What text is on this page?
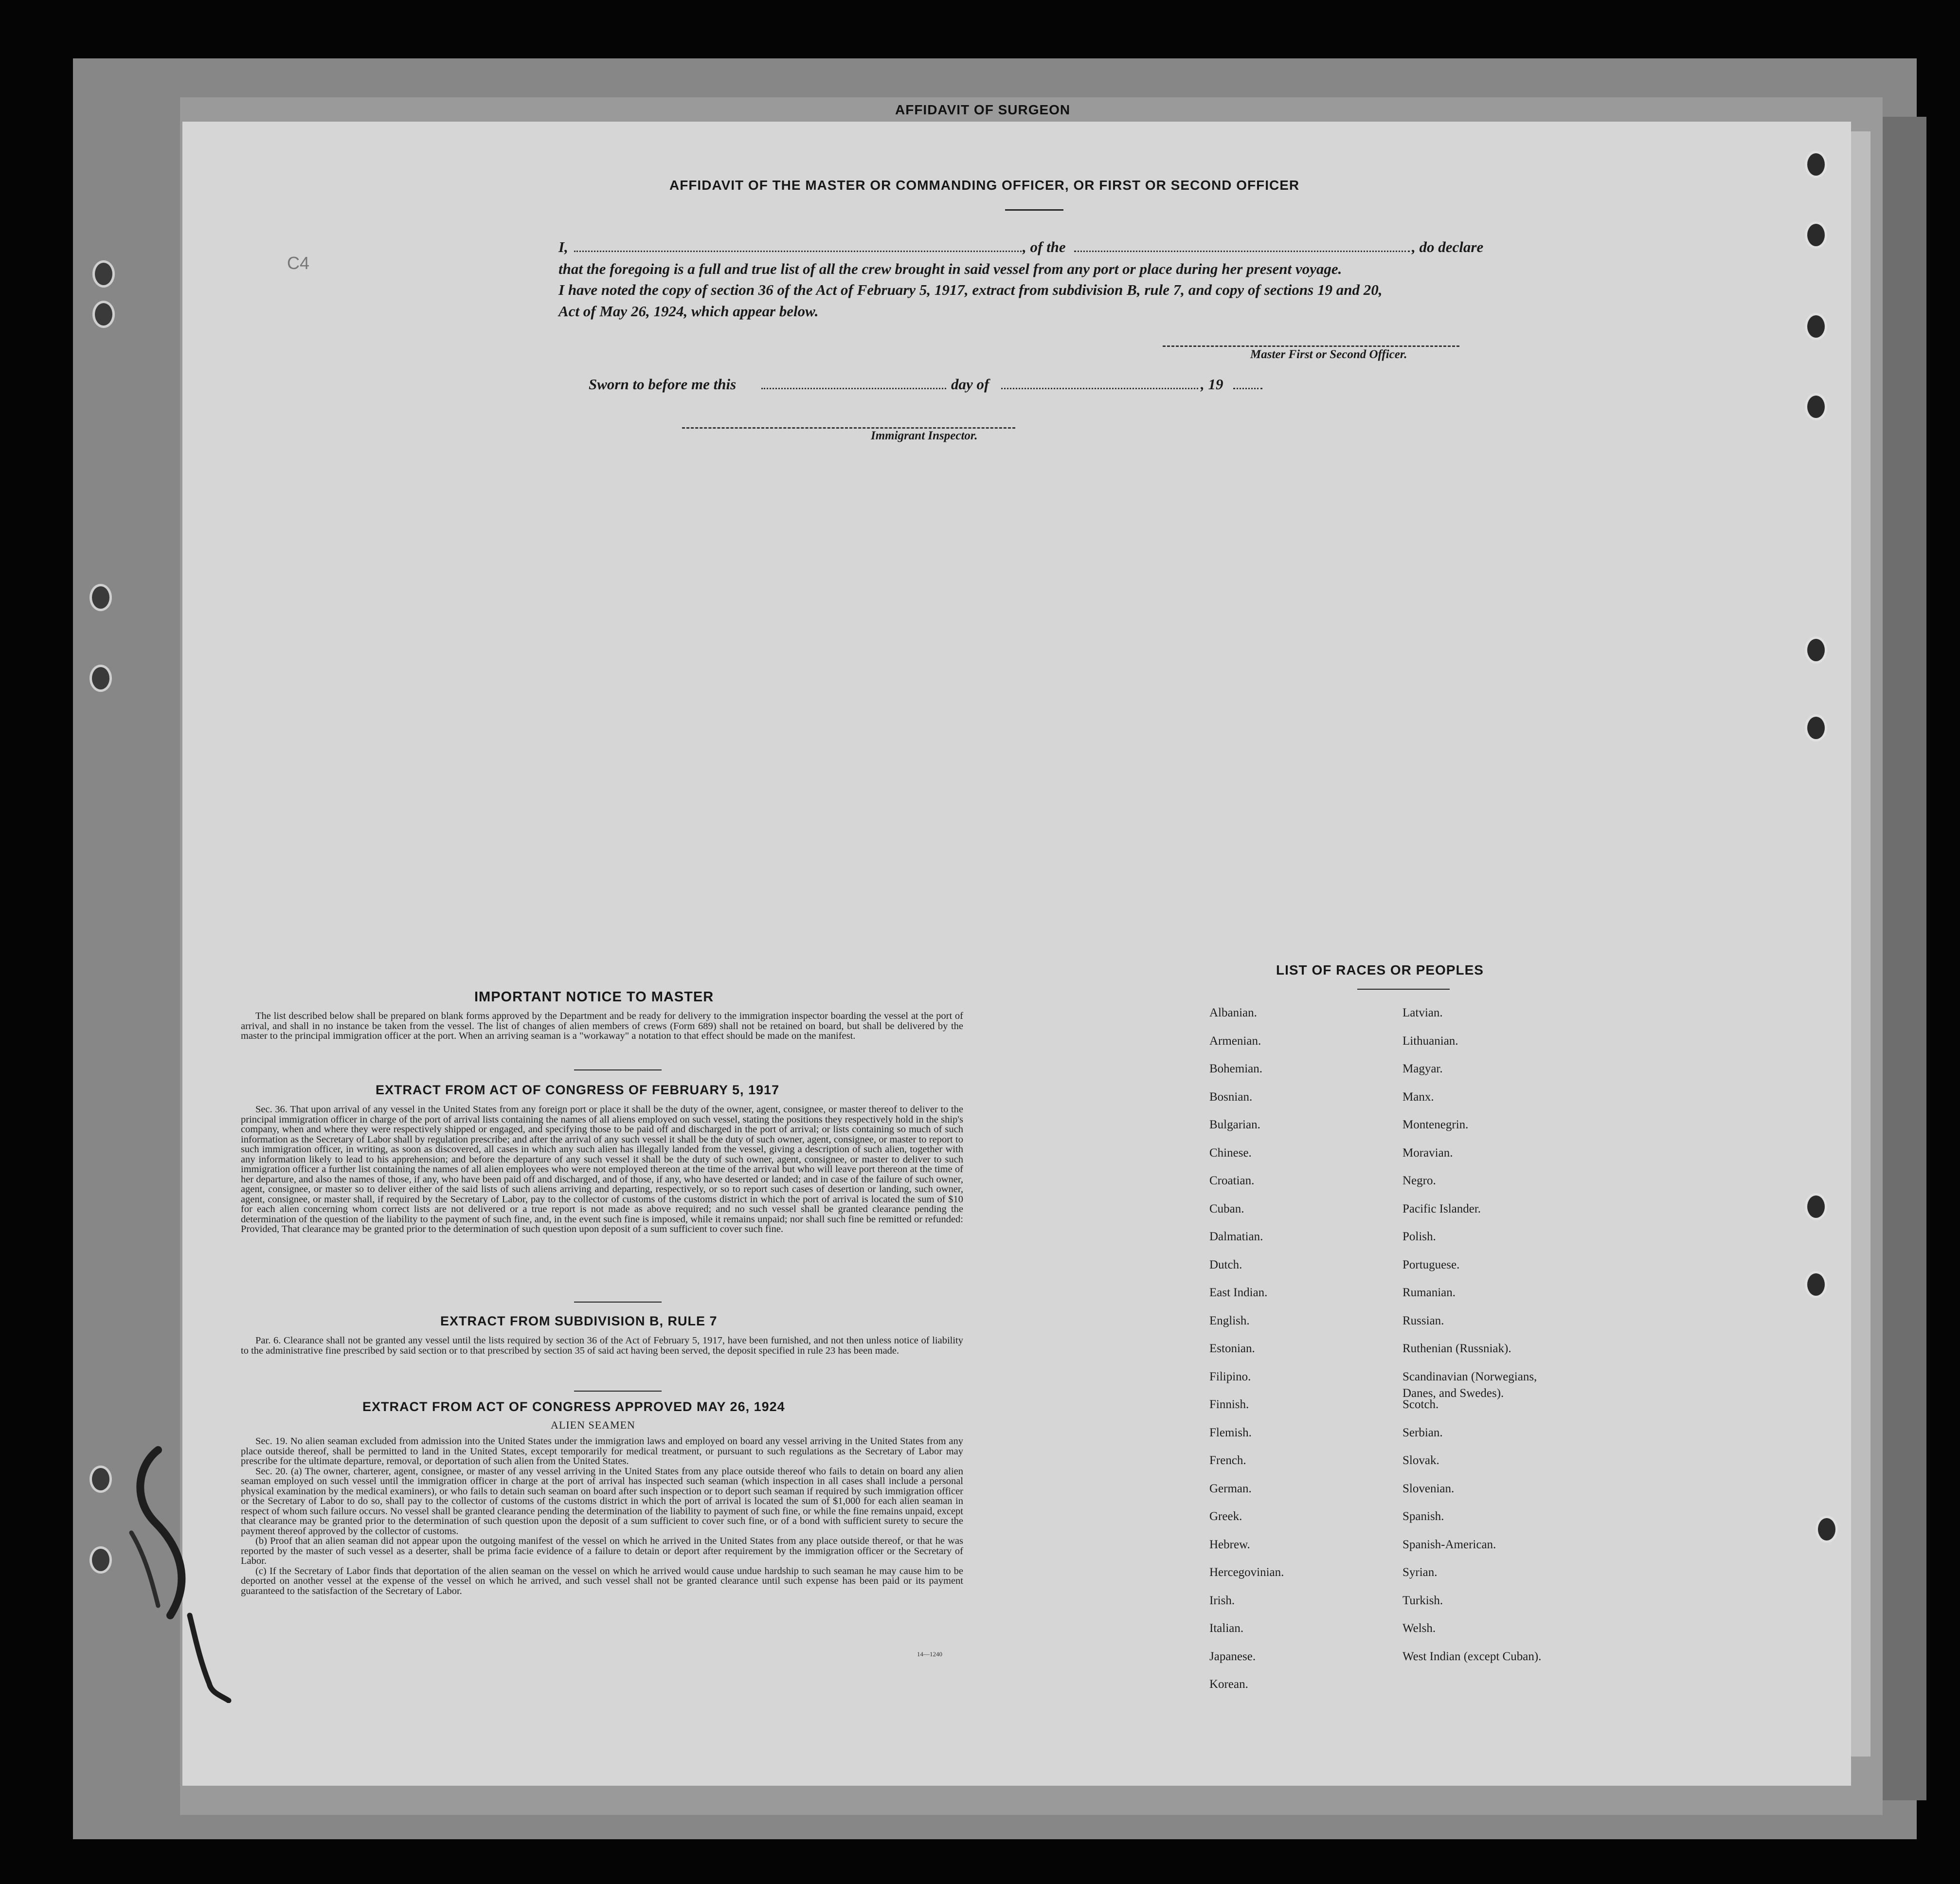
AFFIDAVIT OF SURGEON
C4
AFFIDAVIT OF THE MASTER OR COMMANDING OFFICER, OR FIRST OR SECOND OFFICER
I,	, of the	, do declare
that the foregoing is a full and true list of all the crew brought in said vessel from any port or place during her present voyage.
I have noted the copy of section 36 of the Act of February 5, 1917, extract from subdivision B, rule 7, and copy of sections 19 and 20,
Act of May 26, 1924, which appear below.
Master First or Second Officer.
Sworn to before me this	day of	, 19
Immigrant Inspector.
IMPORTANT NOTICE TO MASTER

The list described below shall be prepared on blank forms approved by the Department and be ready for delivery to the immigration inspector boarding the vessel at the port of arrival, and shall in no instance be taken from the vessel. The list of changes of alien members of crews (Form 689) shall not be retained on board, but shall be delivered by the master to the principal immigration officer at the port. When an arriving seaman is a "workaway" a notation to that effect should be made on the manifest.

EXTRACT FROM ACT OF CONGRESS OF FEBRUARY 5, 1917

Sec. 36. That upon arrival of any vessel in the United States from any foreign port or place it shall be the duty of the owner, agent, consignee, or master thereof to deliver to the principal immigration officer in charge of the port of arrival lists containing the names of all aliens employed on such vessel, stating the positions they respectively hold in the ship's company, when and where they were respectively shipped or engaged, and specifying those to be paid off and discharged in the port of arrival; or lists containing so much of such information as the Secretary of Labor shall by regulation prescribe; and after the arrival of any such vessel it shall be the duty of such owner, agent, consignee, or master to report to such immigration officer, in writing, as soon as discovered, all cases in which any such alien has illegally landed from the vessel, giving a description of such alien, together with any information likely to lead to his apprehension; and before the departure of any such vessel it shall be the duty of such owner, agent, consignee, or master to deliver to such immigration officer a further list containing the names of all alien employees who were not employed thereon at the time of the arrival but who will leave port thereon at the time of her departure, and also the names of those, if any, who have been paid off and discharged, and of those, if any, who have deserted or landed; and in case of the failure of such owner, agent, consignee, or master so to deliver either of the said lists of such aliens arriving and departing, respectively, or so to report such cases of desertion or landing, such owner, agent, consignee, or master shall, if required by the Secretary of Labor, pay to the collector of customs of the customs district in which the port of arrival is located the sum of $10 for each alien concerning whom correct lists are not delivered or a true report is not made as above required; and no such vessel shall be granted clearance pending the determination of the question of the liability to the payment of such fine, and, in the event such fine is imposed, while it remains unpaid; nor shall such fine be remitted or refunded: Provided, That clearance may be granted prior to the determination of such question upon deposit of a sum sufficient to cover such fine.

EXTRACT FROM SUBDIVISION B, RULE 7

Par. 6. Clearance shall not be granted any vessel until the lists required by section 36 of the Act of February 5, 1917, have been furnished, and not then unless notice of liability to the administrative fine prescribed by said section or to that prescribed by section 35 of said act having been served, the deposit specified in rule 23 has been made.

EXTRACT FROM ACT OF CONGRESS APPROVED MAY 26, 1924
ALIEN SEAMEN

Sec. 19. No alien seaman excluded from admission into the United States under the immigration laws and employed on board any vessel arriving in the United States from any place outside thereof, shall be permitted to land in the United States, except temporarily for medical treatment, or pursuant to such regulations as the Secretary of Labor may prescribe for the ultimate departure, removal, or deportation of such alien from the United States.

Sec. 20. (a) The owner, charterer, agent, consignee, or master of any vessel arriving in the United States from any place outside thereof who fails to detain on board any alien seaman employed on such vessel until the immigration officer in charge at the port of arrival has inspected such seaman (which inspection in all cases shall include a personal physical examination by the medical examiners), or who fails to detain such seaman on board after such inspection or to deport such seaman if required by such immigration officer or the Secretary of Labor to do so, shall pay to the collector of customs of the customs district in which the port of arrival is located the sum of $1,000 for each alien seaman in respect of whom such failure occurs. No vessel shall be granted clearance pending the determination of the liability to payment of such fine, or while the fine remains unpaid, except that clearance may be granted prior to the determination of such question upon the deposit of a sum sufficient to cover such fine, or of a bond with sufficient surety to secure the payment thereof approved by the collector of customs.

(b) Proof that an alien seaman did not appear upon the outgoing manifest of the vessel on which he arrived in the United States from any place outside thereof, or that he was reported by the master of such vessel as a deserter, shall be prima facie evidence of a failure to detain or deport after requirement by the immigration officer or the Secretary of Labor.

(c) If the Secretary of Labor finds that deportation of the alien seaman on the vessel on which he arrived would cause undue hardship to such seaman he may cause him to be deported on another vessel at the expense of the vessel on which he arrived, and such vessel shall not be granted clearance until such expense has been paid or its payment guaranteed to the satisfaction of the Secretary of Labor.

14—1240
LIST OF RACES OR PEOPLES
Albanian.
Armenian.
Bohemian.
Bosnian.
Bulgarian.
Chinese.
Croatian.
Cuban.
Dalmatian.
Dutch.
East Indian.
English.
Estonian.
Filipino.
Finnish.
Flemish.
French.
German.
Greek.
Hebrew.
Hercegovinian.
Irish.
Italian.
Japanese.
Korean.
Latvian.
Lithuanian.
Magyar.
Manx.
Montenegrin.
Moravian.
Negro.
Pacific Islander.
Polish.
Portuguese.
Rumanian.
Russian.
Ruthenian (Russniak).
Scandinavian (Norwegians,
Danes, and Swedes).
Scotch.
Serbian.
Slovak.
Slovenian.
Spanish.
Spanish-American.
Syrian.
Turkish.
Welsh.
West Indian (except Cuban).
